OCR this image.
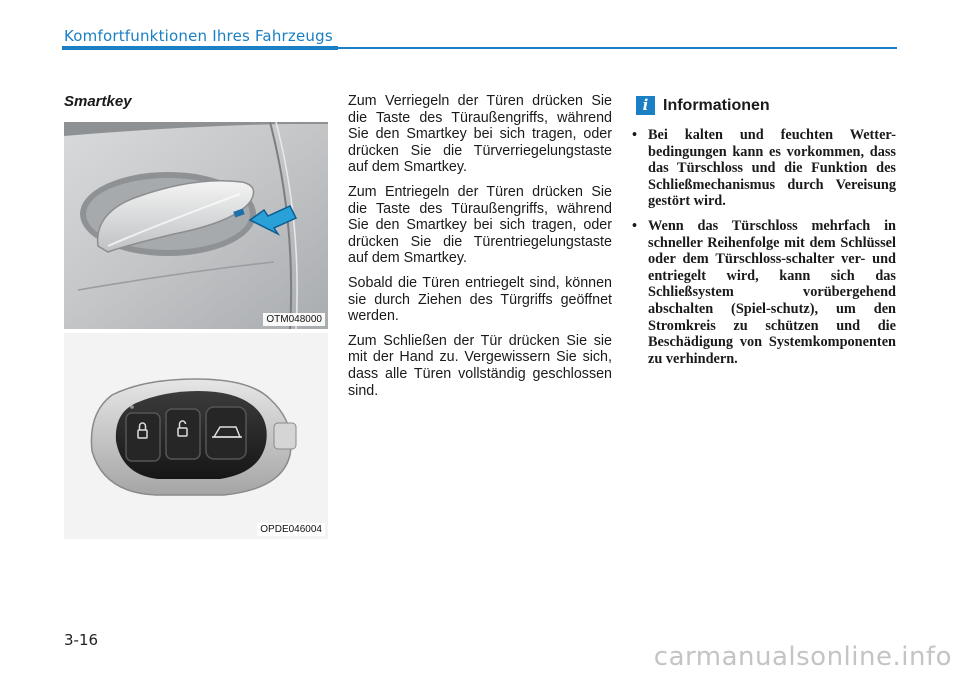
Komfortfunktionen Ihres Fahrzeugs
Smartkey
OTM048000
OPDE046004

Zum Verriegeln der Türen drücken Sie die Taste des Türaußengriffs, während Sie den Smartkey bei sich tragen, oder drücken Sie die Türverriegelungstaste auf dem Smartkey.

Zum Entriegeln der Türen drücken Sie die Taste des Türaußengriffs, während Sie den Smartkey bei sich tragen, oder drücken Sie die Türentriegelungstaste auf dem Smartkey.

Sobald die Türen entriegelt sind, können sie durch Ziehen des Türgriffs geöffnet werden.

Zum Schließen der Tür drücken Sie sie mit der Hand zu. Vergewissern Sie sich, dass alle Türen vollständig geschlossen sind.

i Informationen
• Bei kalten und feuchten Wetter-bedingungen kann es vorkommen, dass das Türschloss und die Funktion des Schließmechanismus durch Vereisung gestört wird.
• Wenn das Türschloss mehrfach in schneller Reihenfolge mit dem Schlüssel oder dem Türschloss-schalter ver- und entriegelt wird, kann sich das Schließsystem vorübergehend abschalten (Spiel-schutz), um den Stromkreis zu schützen und die Beschädigung von Systemkomponenten zu verhindern.
3-16
carmanualsonline.info
